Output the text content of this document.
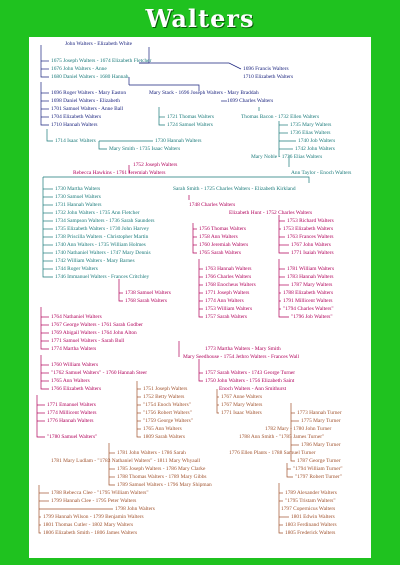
Walters
John Walters - Elizabeth White
1675 Joseph Walters - 1674 Elizabeth Fletcher
1676 John Walters - Anne
1680 Daniel Walters - 1680 Hannah
1696 Francis Walters
1710 Elizabeth Walters
1696 Roger Walters - Mary Easton
1698 Daniel Walters - Elizabeth
1701 Samuel Walters - Anne Ball
1704 Elizabeth Walters
1710 Hannah Walters
Mary Stack - 1696 Joseph Walters - Mary Braddah
1699 Charles Walters
1721 Thomas Walters
1724 Samuel Walters
Thomas Bacon - 1732 Ellen Walters
1735 Mary Walters
1736 Elias Walters
1740 Job Walters
1742 John Walters
Mary Noble - 1736 Elias Walters
1714 Isaac Walters	1730 Hannah Walters
Mary Smith - 1735 Isaac Walters
1752 Joseph Walters
Rebecca Hawkins - 1761 Jeremiah Walters	Ann Taylor - Enoch Walters
1730 Martha Walters
1730 Samuel Walters
1731 Hannah Walters
Sarah Smith - 1725 Charles Walters - Elizabeth Kirkland
1748 Charles Walters
1732 John Walters - 1735 Ann Fletcher
1734 Sampson Walters - 1736 Sarah Saunders
1735 Elizabeth Walters - 1730 John Harvey
1738 Priscilla Walters - Christopher Martin
1740 Ann Walters - 1735 William Holmes
1740 Nathaniel Walters - 1747 Mary Dennis
1742 William Walters - Mary Barnes
1744 Roger Walters
1746 Immanuel Walters - Frances Critchley
Elizabeth Hunt - 1752 Charles Walters
1753 Richard Walters
1753 Elizabeth Walters
1756 Thomas Walters
1758 Ann Walters
1760 Jeremiah Walters
1765 Sarah Walters
1763 Frances Walters
1767 John Walters
1771 Isaiah Walters
1763 Hannah Walters
1766 Charles Walters
1768 Enocheus Walters
1771 Joseph Walters
1774 Ann Walters
1753 William Walters
1757 Sarah Walters
1781 William Walters
1783 Hannah Walters
1787 Mary Walters
1788 Elizabeth Walters
1791 Millicent Walters
"1794 Charles Walters"
"1796 Job Walters"
1738 Samuel Walters
1768 Sarah Walters
1764 Nathaniel Walters
1767 George Walters - 1761 Sarah Godber
1769 Abigail Walters - 1764 John Alton
1771 Samuel Walters - Sarah Bull
1774 Martha Walters	1773 Martha Walters - Mary Smith
Mary Seedhouse - 1754 Jethro Walters - Frances Wall
1760 William Walters
"1762 Samuel Walters" - 1760 Hannah Steer
1765 Ann Walters
1766 Elizabeth Walters
1757 Sarah Walters - 1743 George Turner
1750 John Walters - 1756 Elizabeth Saint
Enoch Walters - Ann Smithurst
1751 Joseph Walters
1752 Betty Walters
"1754 Enoch Walters"
"1756 Robert Walters"
"1759 George Walters"
1765 Ann Walters
1809 Sarah Walters
1767 Anne Walters
1767 Mary Walters
1771 Isaac Walters
1771 Emanuel Walters
1774 Millicent Walters
1776 Hannah Walters
"1780 Samuel Walters"
1773 Hannah Turner
1775 Mary Turner
1782 Mary - 1780 John Turner
1788 Ann Smith - "1785 James Turner"
1786 Mary Turner
1776 Ellen Plants - 1788 Samuel Turner
1787 George Turner
1781 John Walters - 1786 Sarah
1781 Mary Ludlam - "1783 Nathaniel Walters" - 1811 Mary Whyaall
1785 Joseph Walters - 1786 Mary Clarke
1788 Thomas Walters - 1789 Mary Gibbs
1789 Samuel Walters - 1796 Mary Shipman
"1794 William Turner"
"1797 Robert Turner"
1788 Rebecca Clee - "1795 William Walters"
1799 Hannah Clee - 1795 Peter Walters
1798 John Walters
1799 Hannah Wilson - 1799 Benjamin Walters
1801 Thomas Cutler - 1802 Mary Walters
1806 Elizabeth Smith - 1806 James Walters
1789 Alexander Walters
"1795 Tristam Walters"
1797 Copernicus Walters
1801 Edwin Walters
1803 Ferdinand Walters
1805 Frederick Walters
